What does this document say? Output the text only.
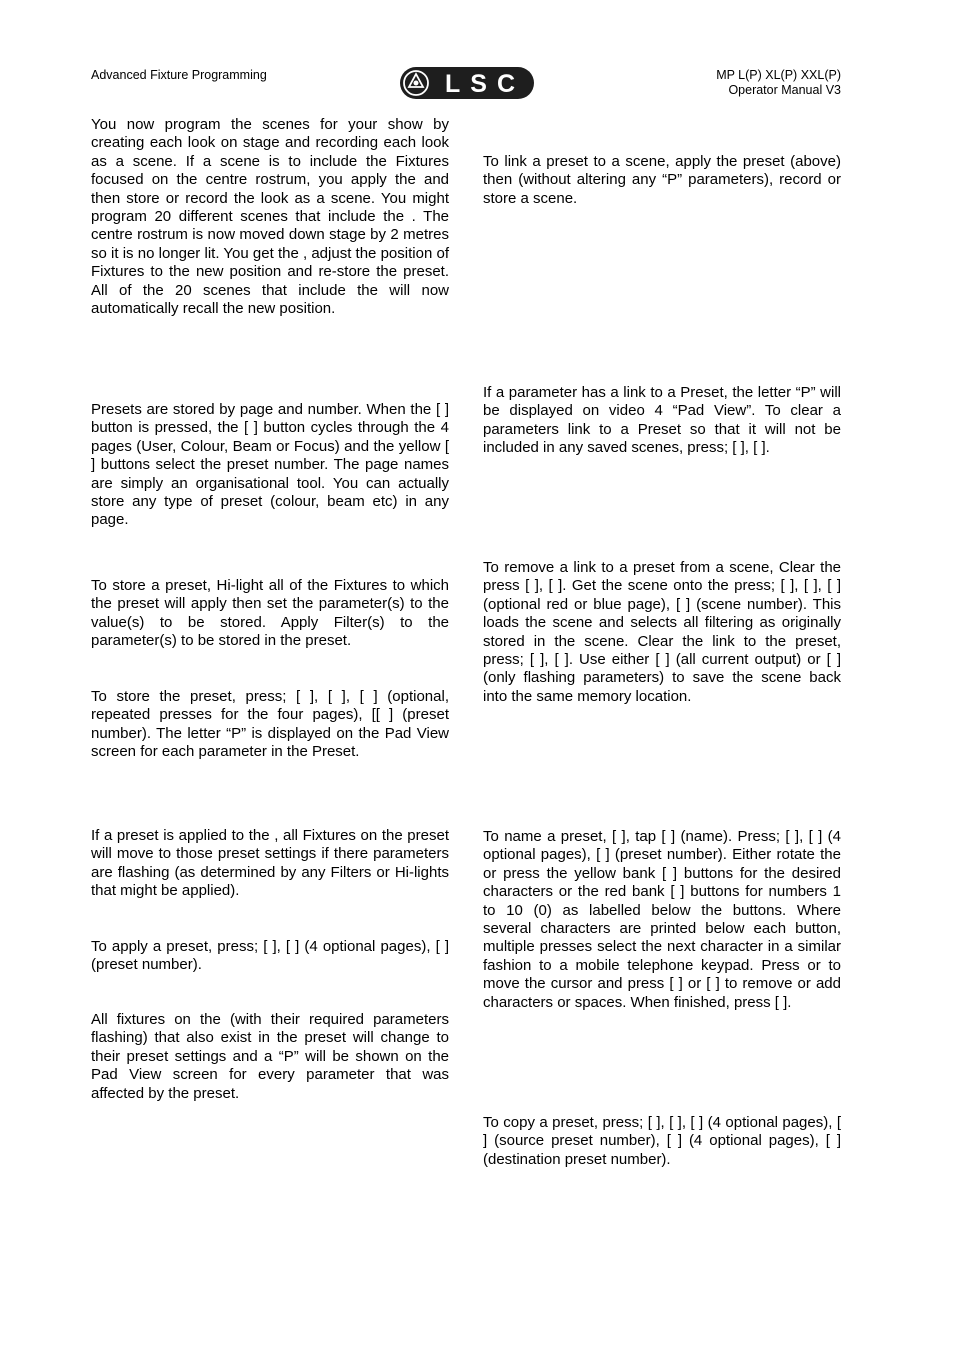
Advanced Fixture Programming	LSC	MP L(P) XL(P) XXL(P)
Operator Manual V3

You now program the scenes for your show by creating each look on stage and recording each look as a scene. If a scene is to include the Fixtures focused on the centre rostrum, you apply the and then store or record the look as a scene. You might program 20 different scenes that include the . The centre rostrum is now moved down stage by 2 metres so it is no longer lit. You get the , adjust the position of Fixtures to the new position and re-store the preset. All of the 20 scenes that include the will now automatically recall the new position.

Presets are stored by page and number. When the [ ] button is pressed, the [ ] button cycles through the 4 pages (User, Colour, Beam or Focus) and the yellow [ ] buttons select the preset number. The page names are simply an organisational tool. You can actually store any type of preset (colour, beam etc) in any page.

To store a preset, Hi-light all of the Fixtures to which the preset will apply then set the parameter(s) to the value(s) to be stored. Apply Filter(s) to the parameter(s) to be stored in the preset.

To store the preset, press; [ ], [ ], [ ] (optional, repeated presses for the four pages), [[ ] (preset number). The letter “P” is displayed on the Pad View screen for each parameter in the Preset.

If a preset is applied to the , all Fixtures on the preset will move to those preset settings if there parameters are flashing (as determined by any Filters or Hi-lights that might be applied).

To apply a preset, press; [ ], [ ] (4 optional pages), [ ] (preset number).

All fixtures on the (with their required parameters flashing) that also exist in the preset will change to their preset settings and a “P” will be shown on the Pad View screen for every parameter that was affected by the preset.

To link a preset to a scene, apply the preset (above) then (without altering any “P” parameters), record or store a scene.

If a parameter has a link to a Preset, the letter “P” will be displayed on video 4 “Pad View”. To clear a parameters link to a Preset so that it will not be included in any saved scenes, press; [ ], [ ].

To remove a link to a preset from a scene, Clear the press [ ], [ ]. Get the scene onto the press; [ ], [ ], [ ] (optional red or blue page), [ ] (scene number). This loads the scene and selects all filtering as originally stored in the scene. Clear the link to the preset, press; [ ], [ ]. Use either [ ] (all current output) or [ ] (only flashing parameters) to save the scene back into the same memory location.

To name a preset, [ ], tap [ ] (name). Press; [ ], [ ] (4 optional pages), [ ] (preset number). Either rotate the or press the yellow bank [ ] buttons for the desired characters or the red bank [ ] buttons for numbers 1 to 10 (0) as labelled below the buttons. Where several characters are printed below each button, multiple presses select the next character in a similar fashion to a mobile telephone keypad. Press or to move the cursor and press [ ] or [ ] to remove or add characters or spaces. When finished, press [ ].

To copy a preset, press; [ ], [ ], [ ] (4 optional pages), [ ] (source preset number), [ ] (4 optional pages), [ ] (destination preset number).
